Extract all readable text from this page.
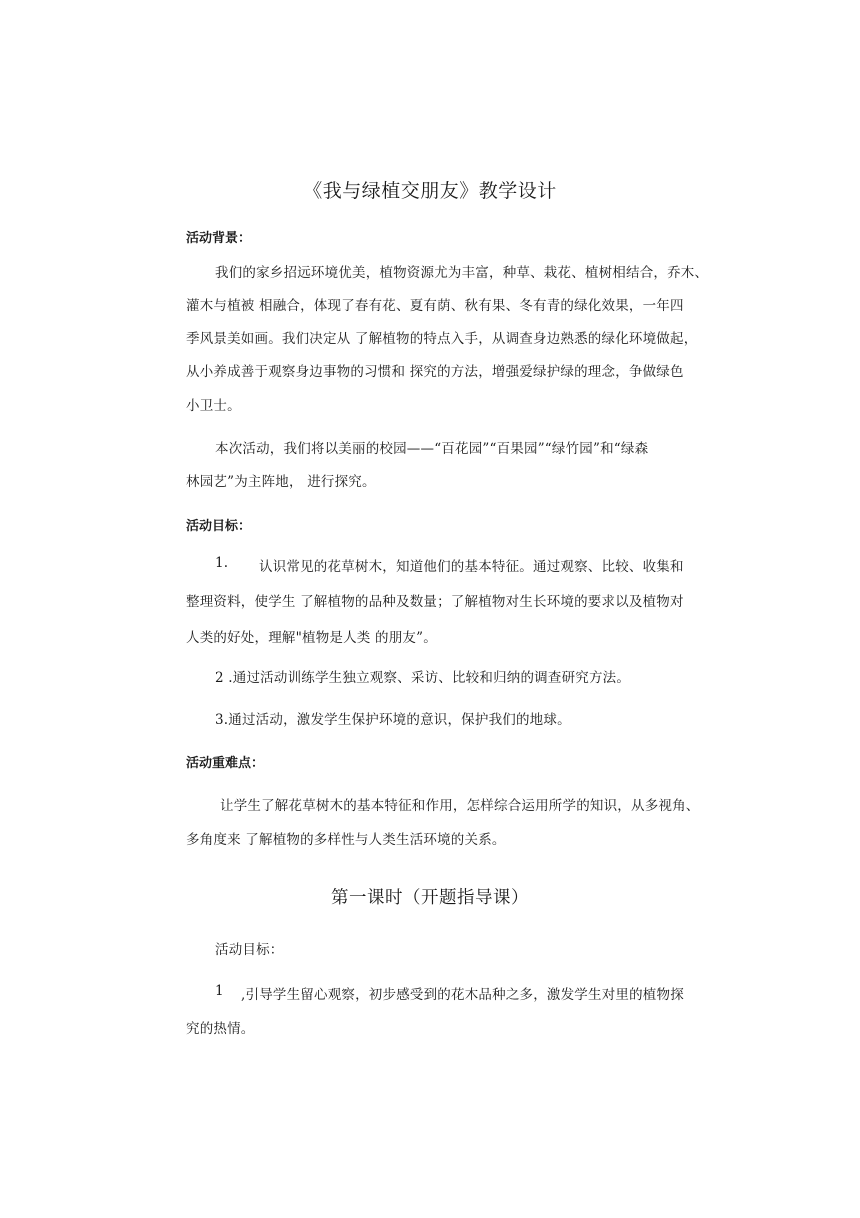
《我与绿植交朋友》教学设计
活动背景：
我们的家乡招远环境优美，植物资源尤为丰富，种草、栽花、植树相结合，乔木、
灌木与植被 相融合，体现了春有花、夏有荫、秋有果、冬有青的绿化效果，一年四
季风景美如画。我们决定从 了解植物的特点入手，从调查身边熟悉的绿化环境做起，
从小养成善于观察身边事物的习惯和 探究的方法，增强爱绿护绿的理念，争做绿色
小卫士。
本次活动，我们将以美丽的校园——“百花园”“百果园”“绿竹园”和“绿森
林园艺”为主阵地， 进行探究。
活动目标：
1. 认识常见的花草树木，知道他们的基本特征。通过观察、比较、收集和
整理资料，使学生 了解植物的品种及数量；了解植物对生长环境的要求以及植物对
人类的好处，理解"植物是人类 的朋友”。
2 .通过活动训练学生独立观察、采访、比较和归纳的调查研究方法。
3.通过活动，激发学生保护环境的意识，保护我们的地球。
活动重难点：
让学生了解花草树木的基本特征和作用，怎样综合运用所学的知识，从多视角、
多角度来 了解植物的多样性与人类生活环境的关系。
第一课时（开题指导课）
活动目标：
1 ,引导学生留心观察，初步感受到的花木品种之多，激发学生对里的植物探
究的热情。
